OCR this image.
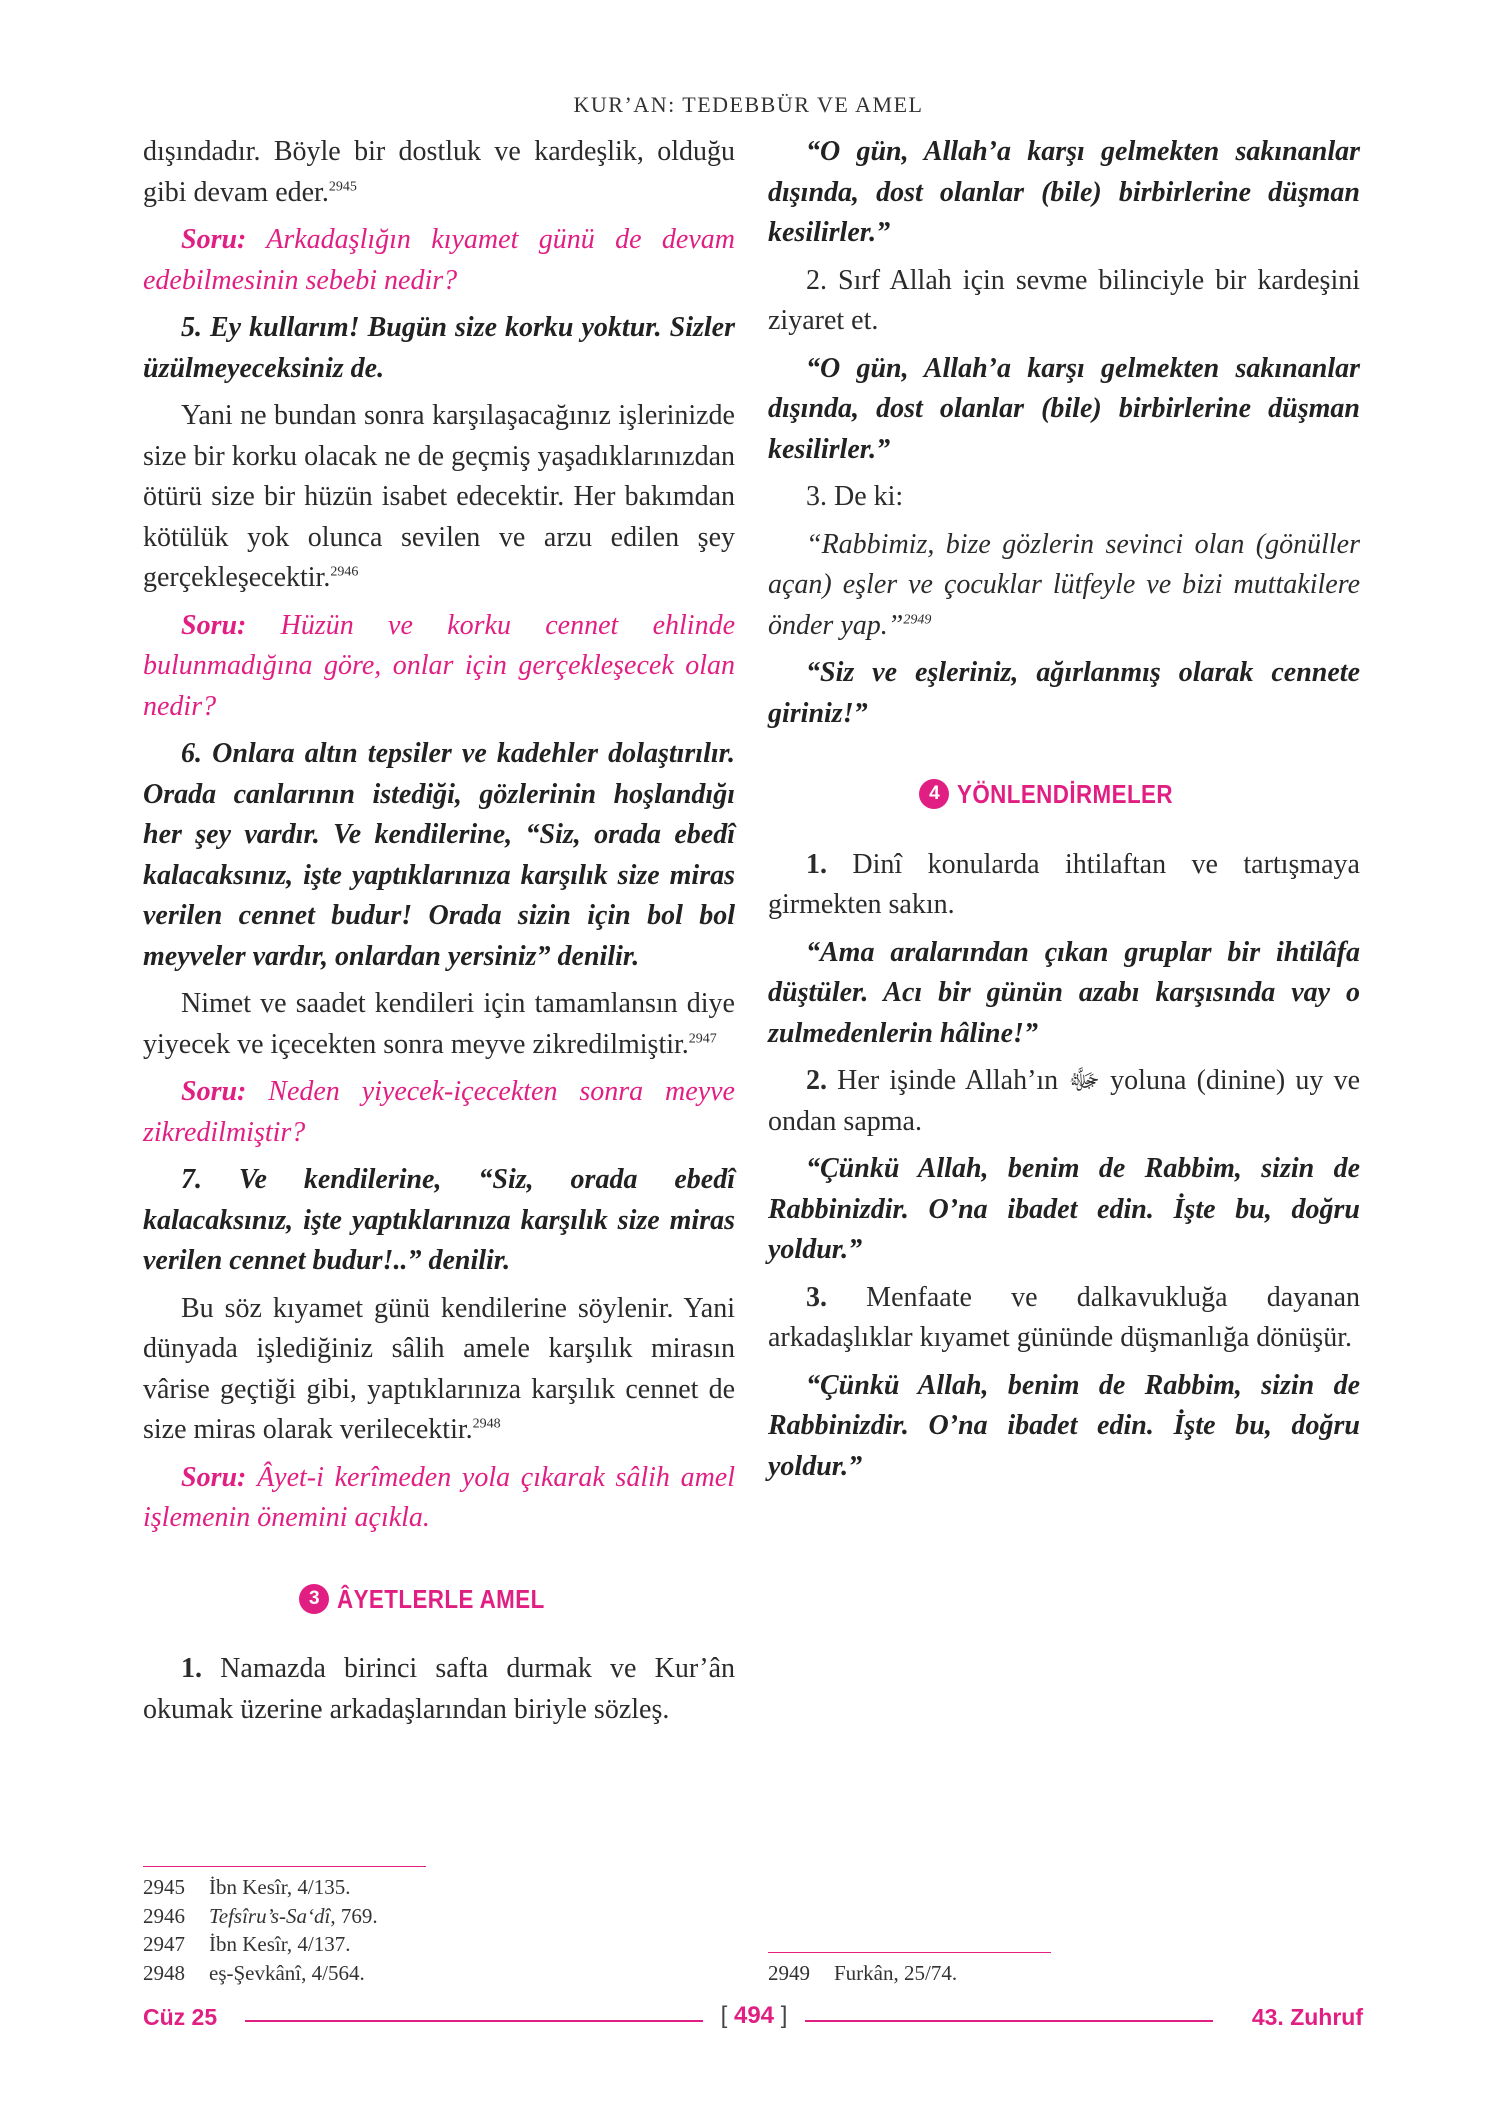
KUR’AN: TEDEBBÜR VE AMEL

dışındadır. Böyle bir dostluk ve kardeşlik, olduğu gibi devam eder.$^{2945}$

Soru: Arkadaşlığın kıyamet günü de devam edebilmesinin sebebi nedir?

5. Ey kullarım! Bugün size korku yoktur. Sizler üzülmeyeceksiniz de.

Yani ne bundan sonra karşılaşacağınız işlerinizde size bir korku olacak ne de geçmiş yaşadıklarınızdan ötürü size bir hüzün isabet edecektir. Her bakımdan kötülük yok olunca sevilen ve arzu edilen şey gerçekleşecektir.$^{2946}$

Soru: Hüzün ve korku cennet ehlinde bulunmadığına göre, onlar için gerçekleşecek olan nedir?

6. Onlara altın tepsiler ve kadehler dolaştırılır. Orada canlarının istediği, gözlerinin hoşlandığı her şey vardır. Ve kendilerine, “Siz, orada ebedî kalacaksınız, işte yaptıklarınıza karşılık size miras verilen cennet budur! Orada sizin için bol bol meyveler vardır, onlardan yersiniz” denilir.

Nimet ve saadet kendileri için tamamlansın diye yiyecek ve içecekten sonra meyve zikredilmiştir.$^{2947}$

Soru: Neden yiyecek-içecekten sonra meyve zikredilmiştir?

7. Ve kendilerine, “Siz, orada ebedî kalacaksınız, işte yaptıklarınıza karşılık size miras verilen cennet budur!..” denilir.

Bu söz kıyamet günü kendilerine söylenir. Yani dünyada işlediğiniz sâlih amele karşılık mirasın vârise geçtiği gibi, yaptıklarınıza karşılık cennet de size miras olarak verilecektir.$^{2948}$

Soru: Âyet-i kerîmeden yola çıkarak sâlih amel işlemenin önemini açıkla.

3 ÂYETLERLE AMEL

1. Namazda birinci safta durmak ve Kur’ân okumak üzerine arkadaşlarından biriyle sözleş.

“O gün, Allah’a karşı gelmekten sakınanlar dışında, dost olanlar (bile) birbirlerine düşman kesilirler.”

2. Sırf Allah için sevme bilinciyle bir kardeşini ziyaret et.

“O gün, Allah’a karşı gelmekten sakınanlar dışında, dost olanlar (bile) birbirlerine düşman kesilirler.”

3. De ki:

“Rabbimiz, bize gözlerin sevinci olan (gönüller açan) eşler ve çocuklar lütfeyle ve bizi muttakilere önder yap.”$^{2949}$

“Siz ve eşleriniz, ağırlanmış olarak cennete giriniz!”

4 YÖNLENDİRMELER

1. Dinî konularda ihtilaftan ve tartışmaya girmekten sakın.

“Ama aralarından çıkan gruplar bir ihtilâfa düştüler. Acı bir günün azabı karşısında vay o zulmedenlerin hâline!”

2. Her işinde Allah’ın ﷻ yoluna (dinine) uy ve ondan sapma.

“Çünkü Allah, benim de Rabbim, sizin de Rabbinizdir. O’na ibadet edin. İşte bu, doğru yoldur.”

3. Menfaate ve dalkavukluğa dayanan arkadaşlıklar kıyamet gününde düşmanlığa dönüşür.

“Çünkü Allah, benim de Rabbim, sizin de Rabbinizdir. O’na ibadet edin. İşte bu, doğru yoldur.”

2945	İbn Kesîr, 4/135.
2946	Tefsîru’s-Sa‘dî, 769.
2947	İbn Kesîr, 4/137.
2948	eş-Şevkânî, 4/564.	2949	Furkân, 25/74.
Cüz 25	[ 494 ]	43. Zuhruf
